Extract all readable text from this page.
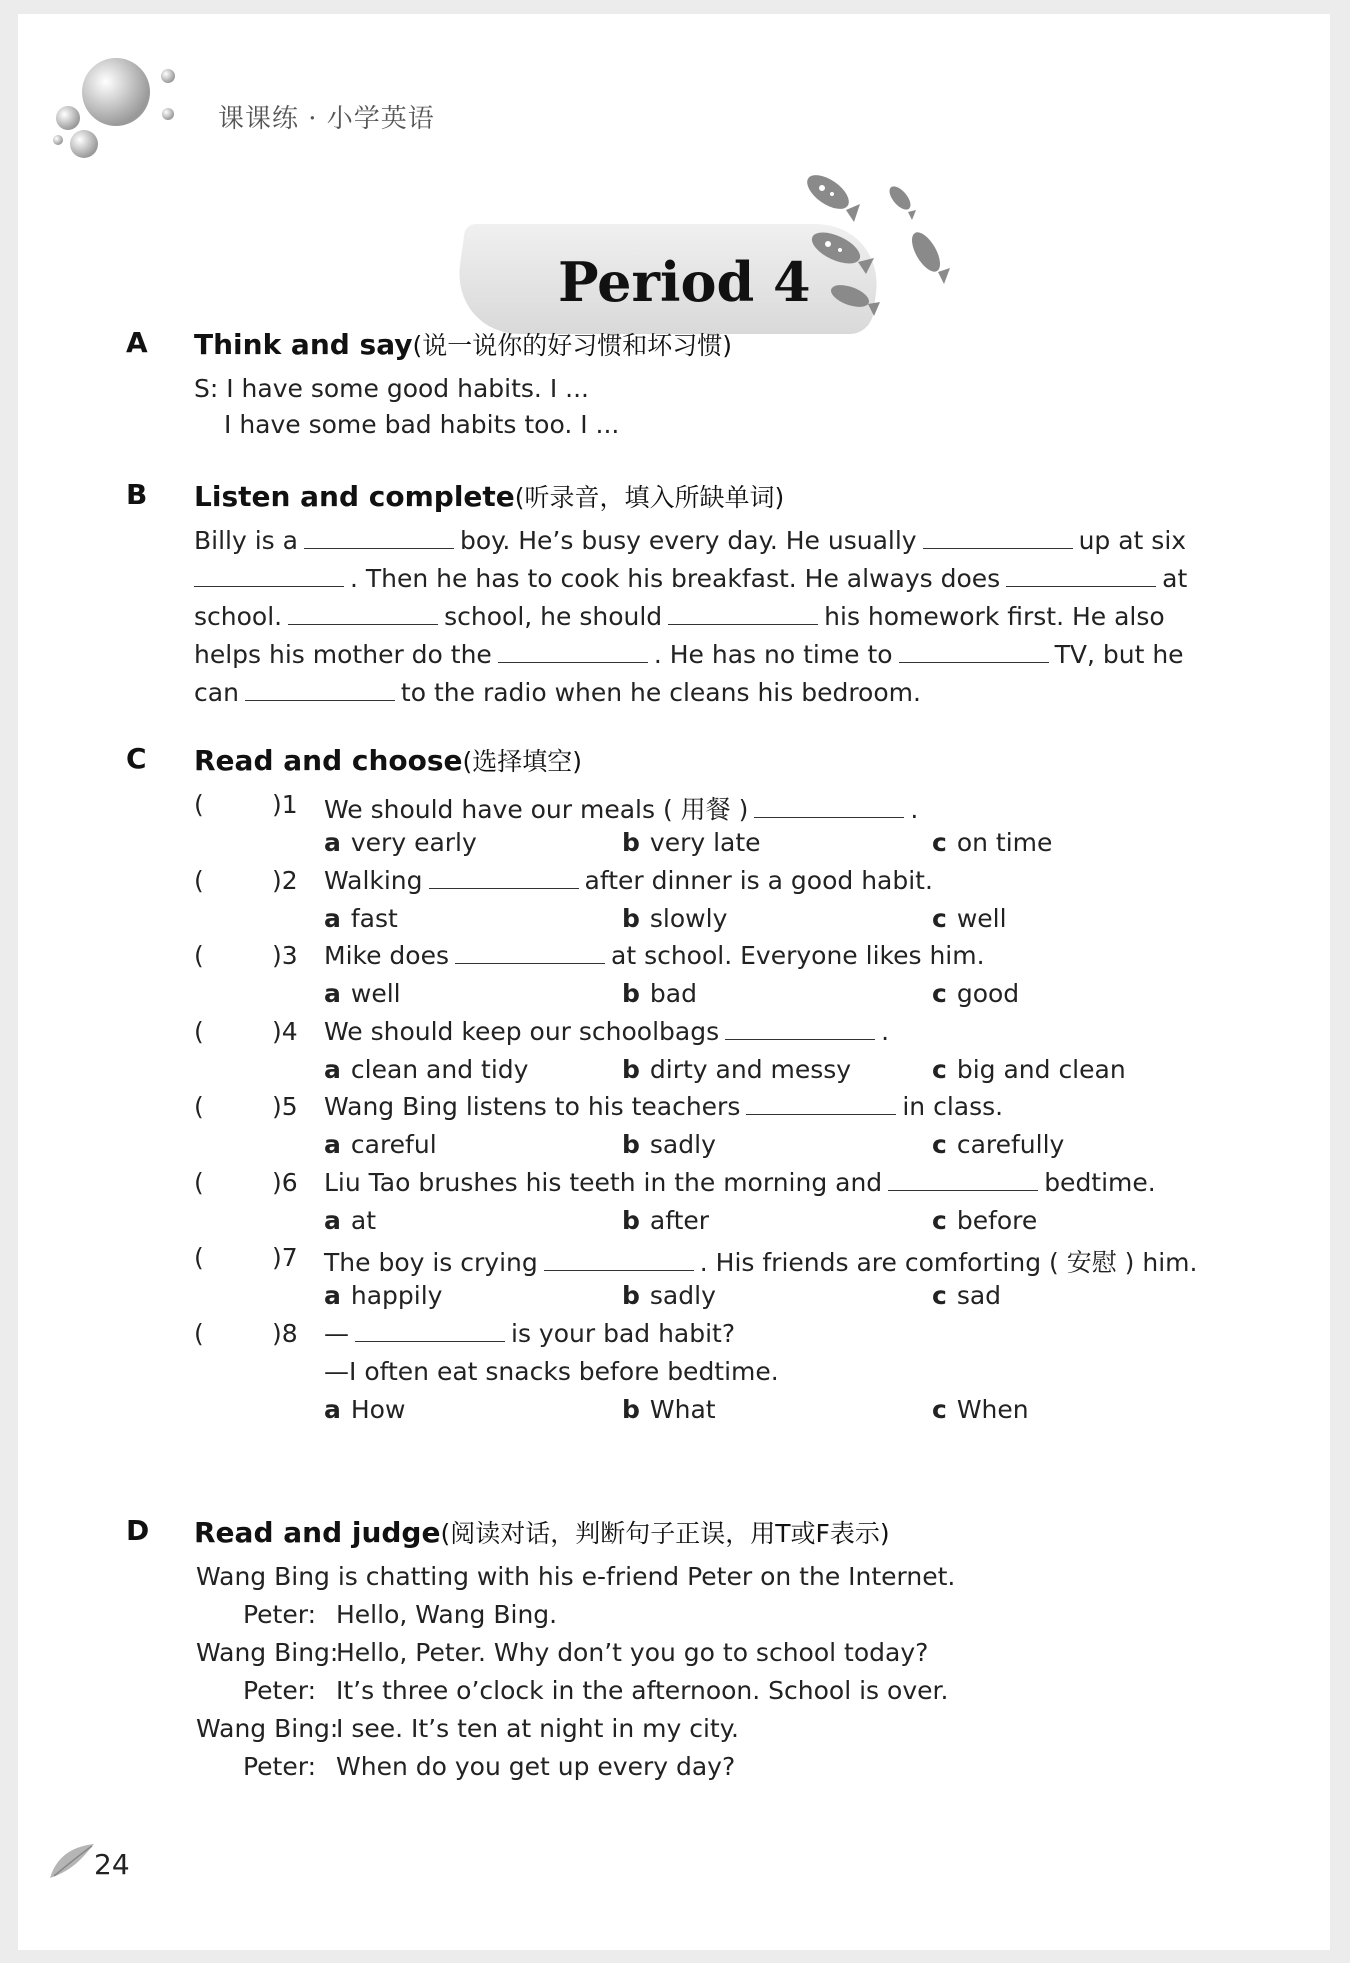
课课练 · 小学英语
Period 4
A Think and say(说一说你的好习惯和坏习惯)
S: I have some good habits. I ...
I have some bad habits too. I ...
B Listen and complete(听录音，填入所缺单词)
Billy is a	boy. He’s busy every day. He usually	up at six
. Then he has to cook his breakfast. He always does	at
school.	school, he should	his homework first. He also
helps his mother do the	. He has no time to	TV, but he
can	to the radio when he cleans his bedroom.
C Read and choose(选择填空)
(	)1 We should have our meals ( 用餐 )	.
a very early	b very late	c on time
(	)2 Walking	after dinner is a good habit.
a fast	b slowly	c well
(	)3 Mike does	at school. Everyone likes him.
a well	b bad	c good
(	)4 We should keep our schoolbags	.
a clean and tidy	b dirty and messy	c big and clean
(	)5 Wang Bing listens to his teachers	in class.
a careful	b sadly	c carefully
(	)6 Liu Tao brushes his teeth in the morning and	bedtime.
a at	b after	c before
(	)7 The boy is crying	. His friends are comforting ( 安慰 ) him.
a happily	b sadly	c sad
(	)8 —	is your bad habit?
—I often eat snacks before bedtime.
a How	b What	c When
D Read and judge(阅读对话，判断句子正误，用T或F表示)
Wang Bing is chatting with his e-friend Peter on the Internet.
Peter: Hello, Wang Bing.
Wang Bing:Hello, Peter. Why don’t you go to school today?
Peter: It’s three o’clock in the afternoon. School is over.
Wang Bing:I see. It’s ten at night in my city.
Peter: When do you get up every day?
24
